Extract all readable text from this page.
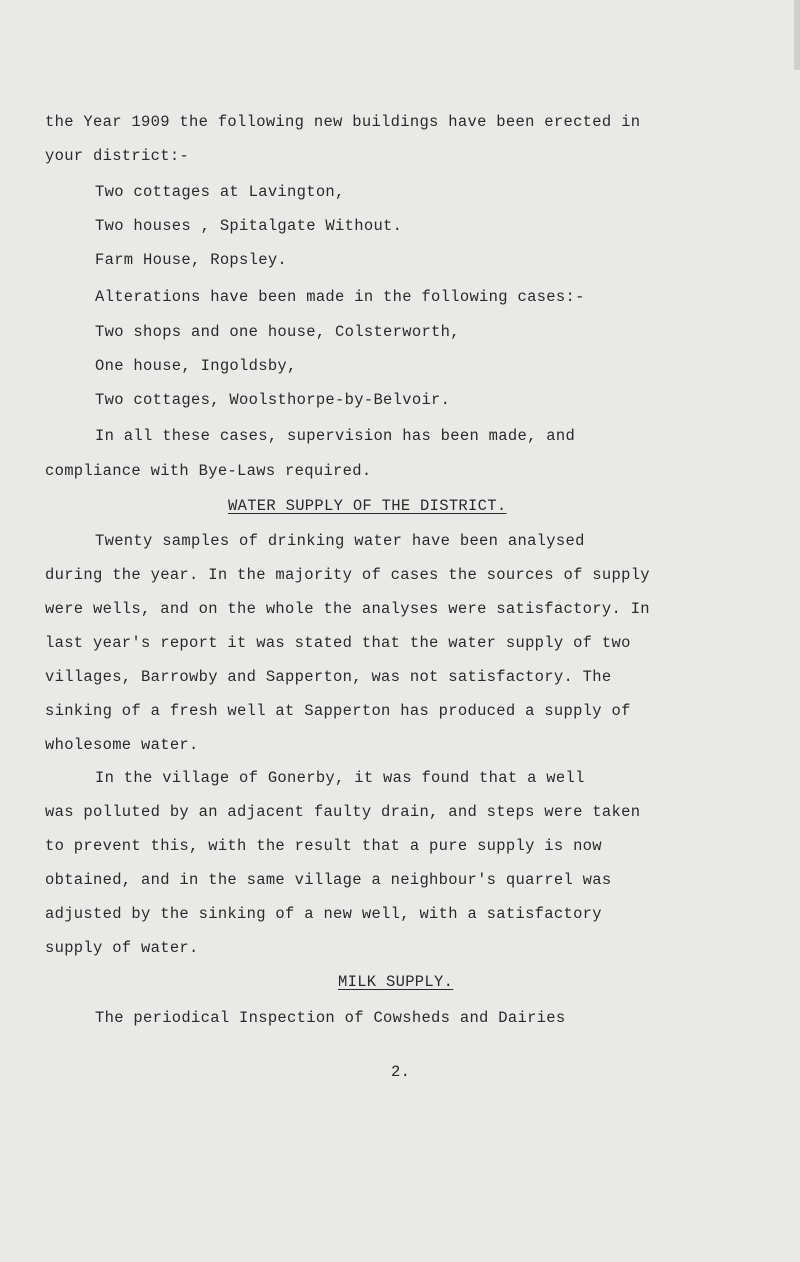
the Year 1909 the following new buildings have been erected in
your district:-
Two cottages at Lavington,
Two houses , Spitalgate Without.
Farm House, Ropsley.
Alterations have been made in the following cases:-
Two shops and one house, Colsterworth,
One house, Ingoldsby,
Two cottages, Woolsthorpe-by-Belvoir.
In all these cases, supervision has been made, and
compliance with Bye-Laws required.
WATER SUPPLY OF THE DISTRICT.
Twenty samples of drinking water have been analysed
during the year. In the majority of cases the sources of supply
were wells, and on the whole the analyses were satisfactory. In
last year's report it was stated that the water supply of two
villages, Barrowby and Sapperton, was not satisfactory. The
sinking of a fresh well at Sapperton has produced a supply of
wholesome water.
In the village of Gonerby, it was found that a well
was polluted by an adjacent faulty drain, and steps were taken
to prevent this, with the result that a pure supply is now
obtained, and in the same village a neighbour's quarrel was
adjusted by the sinking of a new well, with a satisfactory
supply of water.
MILK SUPPLY.
The periodical Inspection of Cowsheds and Dairies
2.
